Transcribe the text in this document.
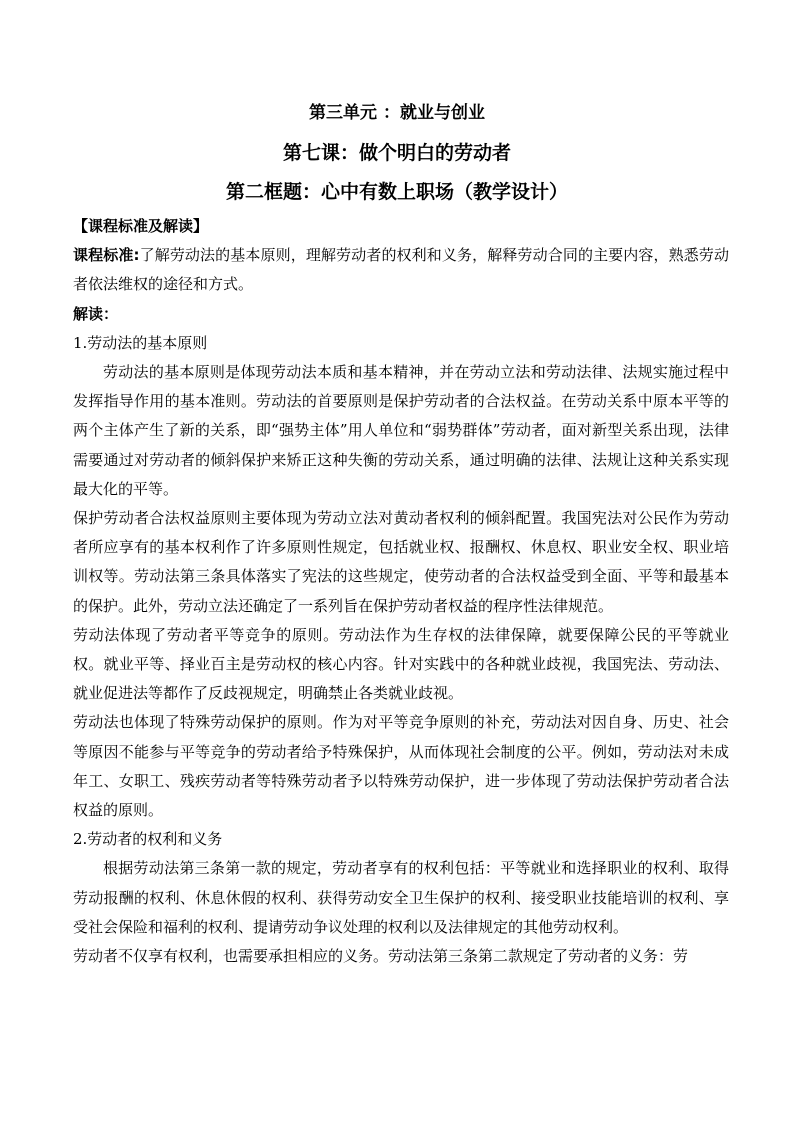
第三单元 ：就业与创业
第七课：做个明白的劳动者
第二框题：心中有数上职场（教学设计）

【课程标准及解读】

课程标准:了解劳动法的基本原则，理解劳动者的权利和义务，解释劳动合同的主要内容，熟悉劳动者依法维权的途径和方式。

解读：

1.劳动法的基本原则

劳动法的基本原则是体现劳动法本质和基本精神，并在劳动立法和劳动法律、法规实施过程中发挥指导作用的基本准则。劳动法的首要原则是保护劳动者的合法权益。在劳动关系中原本平等的两个主体产生了新的关系，即“强势主体”用人单位和“弱势群体”劳动者，面对新型关系出现，法律需要通过对劳动者的倾斜保护来矫正这种失衡的劳动关系，通过明确的法律、法规让这种关系实现最大化的平等。

保护劳动者合法权益原则主要体现为劳动立法对黄动者权利的倾斜配置。我国宪法对公民作为劳动者所应享有的基本权利作了许多原则性规定，包括就业权、报酬权、休息权、职业安全权、职业培训权等。劳动法第三条具体落实了宪法的这些规定，使劳动者的合法权益受到全面、平等和最基本的保护。此外，劳动立法还确定了一系列旨在保护劳动者权益的程序性法律规范。

劳动法体现了劳动者平等竞争的原则。劳动法作为生存权的法律保障，就要保障公民的平等就业权。就业平等、择业百主是劳动权的核心内容。针对实践中的各种就业歧视，我国宪法、劳动法、就业促进法等都作了反歧视规定，明确禁止各类就业歧视。

劳动法也体现了特殊劳动保护的原则。作为对平等竞争原则的补充，劳动法对因自身、历史、社会等原因不能参与平等竞争的劳动者给予特殊保护，从而体现社会制度的公平。例如，劳动法对未成年工、女职工、残疾劳动者等特殊劳动者予以特殊劳动保护，进一步体现了劳动法保护劳动者合法权益的原则。

2.劳动者的权利和义务

根据劳动法第三条第一款的规定，劳动者享有的权利包括：平等就业和选择职业的权利、取得劳动报酬的权利、休息休假的权利、获得劳动安全卫生保护的权利、接受职业技能培训的权利、享受社会保险和福利的权利、提请劳动争议处理的权利以及法律规定的其他劳动权利。

劳动者不仅享有权利，也需要承担相应的义务。劳动法第三条第二款规定了劳动者的义务：劳
